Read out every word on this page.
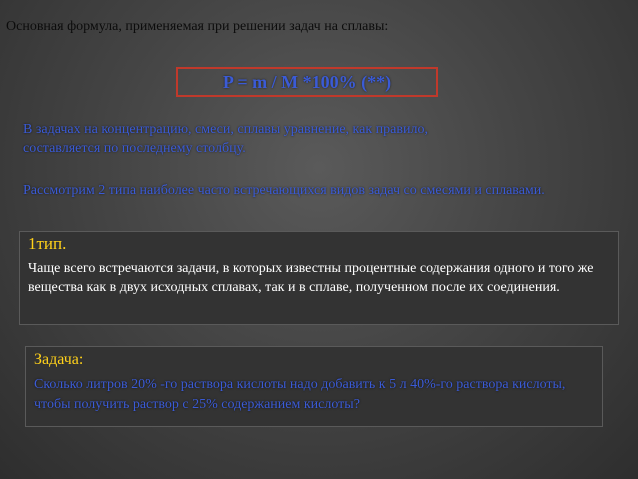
Основная формула, применяемая при решении задач на сплавы:
P = m / M *100% (**)
В задачах на концентрацию, смеси, сплавы уравнение, как правило, составляется по последнему столбцу.
Рассмотрим 2 типа наиболее часто встречающихся видов задач со смесями и сплавами.
1тип.
Чаще всего встречаются задачи, в которых известны процентные содержания одного и того же вещества как в двух исходных сплавах, так и в сплаве, полученном после их соединения.
Задача:
Сколько литров 20% -го раствора кислоты надо добавить к 5 л 40%-го раствора кислоты, чтобы получить раствор с 25% содержанием кислоты?
